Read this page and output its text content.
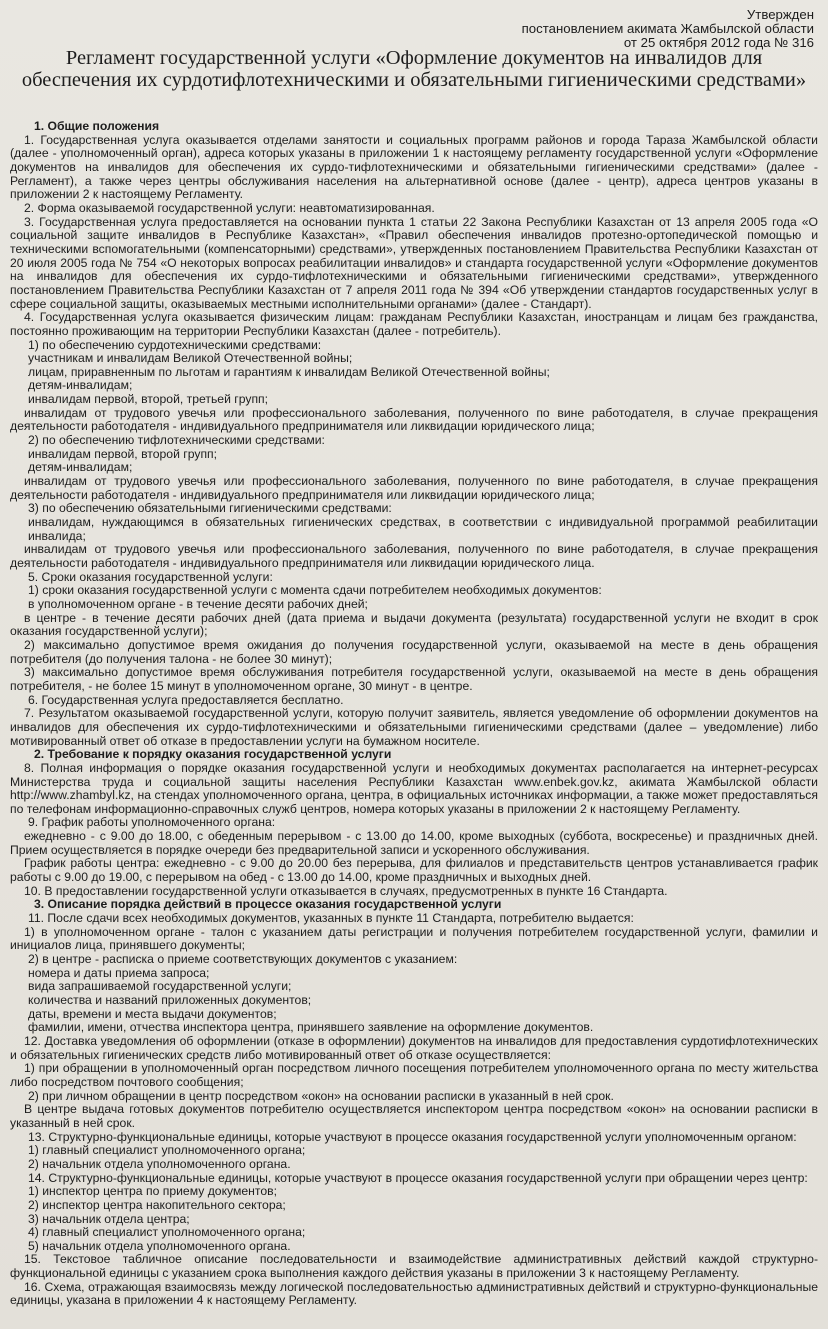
Утвержден
постановлением акимата Жамбылской области
от 25 октября 2012 года № 316
Регламент государственной услуги «Оформление документов на инвалидов для обеспечения их сурдотифлотехническими и обязательными гигиеническими средствами»

1. Общие положения

1. Государственная услуга оказывается отделами занятости и социальных программ районов и города Тараза Жамбылской области (далее - уполномоченный орган), адреса которых указаны в приложении 1 к настоящему регламенту государственной услуги «Оформление документов на инвалидов для обеспечения их сурдо-тифлотехническими и обязательными гигиеническими средствами» (далее - Регламент), а также через центры обслуживания населения на альтернативной основе (далее - центр), адреса центров указаны в приложении 2 к настоящему Регламенту.

2. Форма оказываемой государственной услуги: неавтоматизированная.

3. Государственная услуга предоставляется на основании пункта 1 статьи 22 Закона Республики Казахстан от 13 апреля 2005 года «О социальной защите инвалидов в Республике Казахстан», «Правил обеспечения инвалидов протезно-ортопедической помощью и техническими вспомогательными (компенсаторными) средствами», утвержденных постановлением Правительства Республики Казахстан от 20 июля 2005 года № 754 «О некоторых вопросах реабилитации инвалидов» и стандарта государственной услуги «Оформление документов на инвалидов для обеспечения их сурдо-тифлотехническими и обязательными гигиеническими средствами», утвержденного постановлением Правительства Республики Казахстан от 7 апреля 2011 года № 394 «Об утверждении стандартов государственных услуг в сфере социальной защиты, оказываемых местными исполнительными органами» (далее - Стандарт).

4. Государственная услуга оказывается физическим лицам: гражданам Республики Казахстан, иностранцам и лицам без гражданства, постоянно проживающим на территории Республики Казахстан (далее - потребитель).

1) по обеспечению сурдотехническими средствами:

участникам и инвалидам Великой Отечественной войны;

лицам, приравненным по льготам и гарантиям к инвалидам Великой Отечественной войны;

детям-инвалидам;

инвалидам первой, второй, третьей групп;

инвалидам от трудового увечья или профессионального заболевания, полученного по вине работодателя, в случае прекращения деятельности работодателя - индивидуального предпринимателя или ликвидации юридического лица;

2) по обеспечению тифлотехническими средствами:

инвалидам первой, второй групп;

детям-инвалидам;

инвалидам от трудового увечья или профессионального заболевания, полученного по вине работодателя, в случае прекращения деятельности работодателя - индивидуального предпринимателя или ликвидации юридического лица;

3) по обеспечению обязательными гигиеническими средствами:

инвалидам, нуждающимся в обязательных гигиенических средствах, в соответствии с индивидуальной программой реабилитации инвалида;

инвалидам от трудового увечья или профессионального заболевания, полученного по вине работодателя, в случае прекращения деятельности работодателя - индивидуального предпринимателя или ликвидации юридического лица.

5. Сроки оказания государственной услуги:

1) сроки оказания государственной услуги с момента сдачи потребителем необходимых документов:

в уполномоченном органе - в течение десяти рабочих дней;

в центре - в течение десяти рабочих дней (дата приема и выдачи документа (результата) государственной услуги не входит в срок оказания государственной услуги);

2) максимально допустимое время ожидания до получения государственной услуги, оказываемой на месте в день обращения потребителя (до получения талона - не более 30 минут);

3) максимально допустимое время обслуживания потребителя государственной услуги, оказываемой на месте в день обращения потребителя, - не более 15 минут в уполномоченном органе, 30 минут - в центре.

6. Государственная услуга предоставляется бесплатно.

7. Результатом оказываемой государственной услуги, которую получит заявитель, является уведомление об оформлении документов на инвалидов для обеспечения их сурдо-тифлотехническими и обязательными гигиеническими средствами (далее – уведомление) либо мотивированный ответ об отказе в предоставлении услуги на бумажном носителе.

2. Требование к порядку оказания государственной услуги

8. Полная информация о порядке оказания государственной услуги и необходимых документах располагается на интернет-ресурсах Министерства труда и социальной защиты населения Республики Казахстан www.enbek.gov.kz, акимата Жамбылской области http://www.zhambyl.kz, на стендах уполномоченного органа, центра, в официальных источниках информации, а также может предоставляться по телефонам информационно-справочных служб центров, номера которых указаны в приложении 2 к настоящему Регламенту.

9. График работы уполномоченного органа:

ежедневно - с 9.00 до 18.00, с обеденным перерывом - с 13.00 до 14.00, кроме выходных (суббота, воскресенье) и праздничных дней. Прием осуществляется в порядке очереди без предварительной записи и ускоренного обслуживания.

График работы центра: ежедневно - с 9.00 до 20.00 без перерыва, для филиалов и представительств центров устанавливается график работы с 9.00 до 19.00, с перерывом на обед - с 13.00 до 14.00, кроме праздничных и выходных дней.

10. В предоставлении государственной услуги отказывается в случаях, предусмотренных в пункте 16 Стандарта.

3. Описание порядка действий в процессе оказания государственной услуги

11. После сдачи всех необходимых документов, указанных в пункте 11 Стандарта, потребителю выдается:

1) в уполномоченном органе - талон с указанием даты регистрации и получения потребителем государственной услуги, фамилии и инициалов лица, принявшего документы;

2) в центре - расписка о приеме соответствующих документов с указанием:

номера и даты приема запроса;

вида запрашиваемой государственной услуги;

количества и названий приложенных документов;

даты, времени и места выдачи документов;

фамилии, имени, отчества инспектора центра, принявшего заявление на оформление документов.

12. Доставка уведомления об оформлении (отказе в оформлении) документов на инвалидов для предоставления сурдотифлотехнических и обязательных гигиенических средств либо мотивированный ответ об отказе осуществляется:

1) при обращении в уполномоченный орган посредством личного посещения потребителем уполномоченного органа по месту жительства либо посредством почтового сообщения;

2) при личном обращении в центр посредством «окон» на основании расписки в указанный в ней срок.

В центре выдача готовых документов потребителю осуществляется инспектором центра посредством «окон» на основании расписки в указанный в ней срок.

13. Структурно-функциональные единицы, которые участвуют в процессе оказания государственной услуги уполномоченным органом:

1) главный специалист уполномоченного органа;

2) начальник отдела уполномоченного органа.

14. Структурно-функциональные единицы, которые участвуют в процессе оказания государственной услуги при обращении через центр:

1) инспектор центра по приему документов;

2) инспектор центра накопительного сектора;

3) начальник отдела центра;

4) главный специалист уполномоченного органа;

5) начальник отдела уполномоченного органа.

15. Текстовое табличное описание последовательности и взаимодействие административных действий каждой структурно-функциональной единицы с указанием срока выполнения каждого действия указаны в приложении 3 к настоящему Регламенту.

16. Схема, отражающая взаимосвязь между логической последовательностью административных действий и структурно-функциональные единицы, указана в приложении 4 к настоящему Регламенту.
